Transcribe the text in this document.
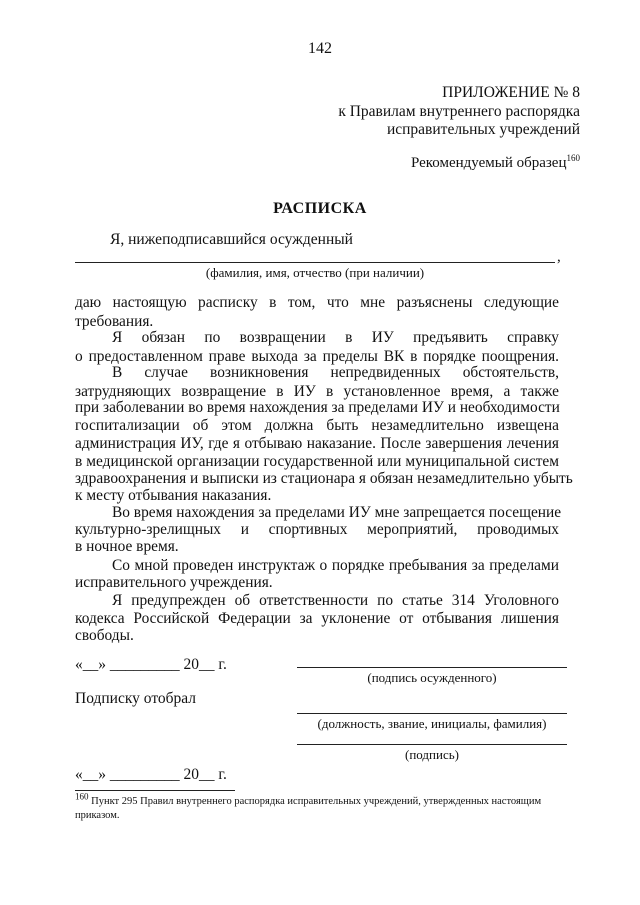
142
ПРИЛОЖЕНИЕ № 8
к Правилам внутреннего распорядка
исправительных учреждений
Рекомендуемый образец$^{160}$
РАСПИСКА
Я, нижеподписавшийся осужденный
,
(фамилия, имя, отчество (при наличии)
даю настоящую расписку в том, что мне разъяснены следующие
требования.
Я обязан по возвращении в ИУ предъявить справку
о предоставленном праве выхода за пределы ВК в порядке поощрения.
В случае возникновения непредвиденных обстоятельств,
затрудняющих возвращение в ИУ в установленное время, а также
при заболевании во время нахождения за пределами ИУ и необходимости
госпитализации об этом должна быть незамедлительно извещена
администрация ИУ, где я отбываю наказание. После завершения лечения
в медицинской организации государственной или муниципальной систем
здравоохранения и выписки из стационара я обязан незамедлительно убыть
к месту отбывания наказания.
Во время нахождения за пределами ИУ мне запрещается посещение
культурно-зрелищных и спортивных мероприятий, проводимых
в ночное время.
Со мной проведен инструктаж о порядке пребывания за пределами
исправительного учреждения.
Я предупрежден об ответственности по статье 314 Уголовного
кодекса Российской Федерации за уклонение от отбывания лишения
свободы.
«__» _________ 20__ г.
(подпись осужденного)
Подписку отобрал
(должность, звание, инициалы, фамилия)
(подпись)
«__» _________ 20__ г.
$^{160}$ Пункт 295 Правил внутреннего распорядка исправительных учреждений, утвержденных настоящим
приказом.
